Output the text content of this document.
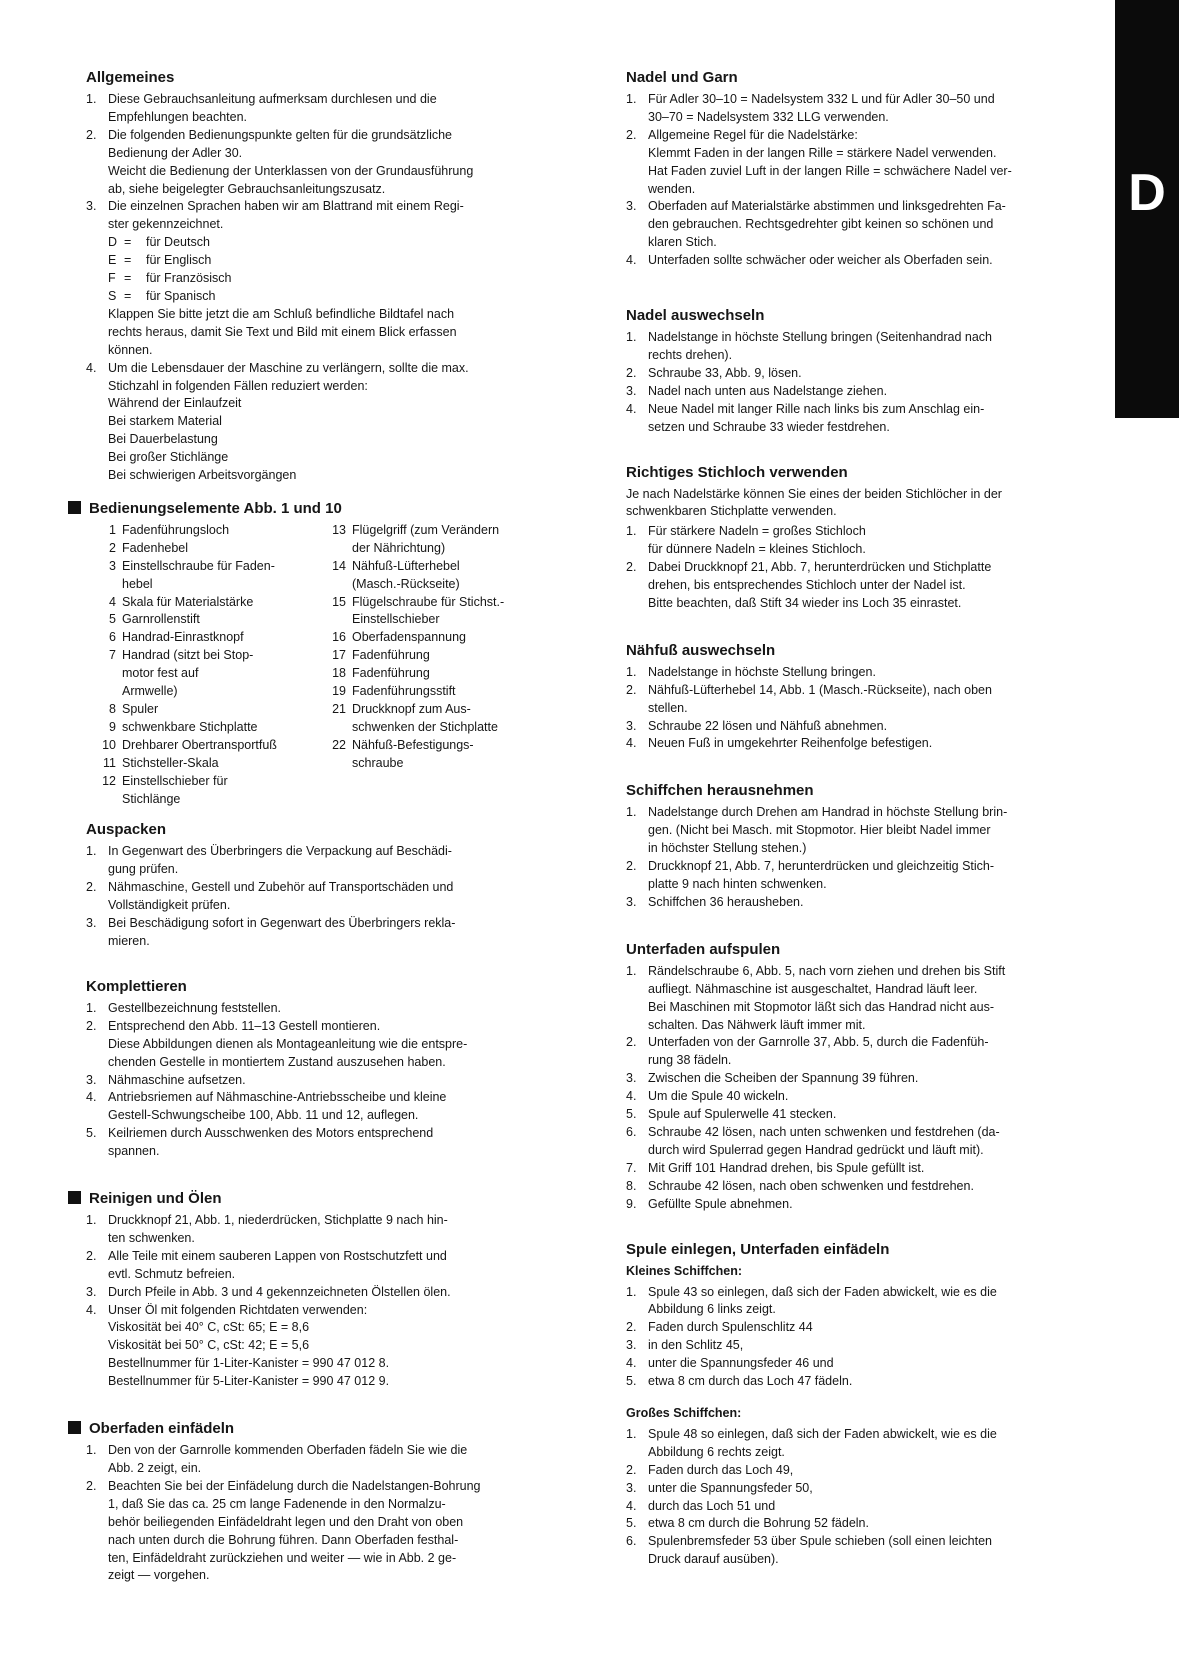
D
Allgemeines
1. Diese Gebrauchsanleitung aufmerksam durchlesen und die
Empfehlungen beachten.
2. Die folgenden Bedienungspunkte gelten für die grundsätzliche
Bedienung der Adler 30.
Weicht die Bedienung der Unterklassen von der Grundausführung
ab, siehe beigelegter Gebrauchsanleitungszusatz.
3. Die einzelnen Sprachen haben wir am Blattrand mit einem Regi-
ster gekennzeichnet.
D =	für Deutsch
E =	für Englisch
F =	für Französisch
S =	für Spanisch
Klappen Sie bitte jetzt die am Schluß befindliche Bildtafel nach
rechts heraus, damit Sie Text und Bild mit einem Blick erfassen
können.
4. Um die Lebensdauer der Maschine zu verlängern, sollte die max.
Stichzahl in folgenden Fällen reduziert werden:
Während der Einlaufzeit
Bei starkem Material
Bei Dauerbelastung
Bei großer Stichlänge
Bei schwierigen Arbeitsvorgängen
Bedienungselemente Abb. 1 und 10
1 Fadenführungsloch
2 Fadenhebel
3 Einstellschraube für Faden-
hebel
4 Skala für Materialstärke
5 Garnrollenstift
6 Handrad-Einrastknopf
7 Handrad (sitzt bei Stop-
motor fest auf
Armwelle)
8 Spuler
9 schwenkbare Stichplatte
10 Drehbarer Obertransportfuß
11 Stichsteller-Skala
12 Einstellschieber für
Stichlänge
13 Flügelgriff (zum Verändern
der Nährichtung)
14 Nähfuß-Lüfterhebel
(Masch.-Rückseite)
15 Flügelschraube für Stichst.-
Einstellschieber
16 Oberfadenspannung
17 Fadenführung
18 Fadenführung
19 Fadenführungsstift
21 Druckknopf zum Aus-
schwenken der Stichplatte
22 Nähfuß-Befestigungs-
schraube
Auspacken
1. In Gegenwart des Überbringers die Verpackung auf Beschädi-
gung prüfen.
2. Nähmaschine, Gestell und Zubehör auf Transportschäden und
Vollständigkeit prüfen.
3. Bei Beschädigung sofort in Gegenwart des Überbringers rekla-
mieren.
Komplettieren
1. Gestellbezeichnung feststellen.
2. Entsprechend den Abb. 11–13 Gestell montieren.
Diese Abbildungen dienen als Montageanleitung wie die entspre-
chenden Gestelle in montiertem Zustand auszusehen haben.
3. Nähmaschine aufsetzen.
4. Antriebsriemen auf Nähmaschine-Antriebsscheibe und kleine
Gestell-Schwungscheibe 100, Abb. 11 und 12, auflegen.
5. Keilriemen durch Ausschwenken des Motors entsprechend
spannen.
Reinigen und Ölen
1. Druckknopf 21, Abb. 1, niederdrücken, Stichplatte 9 nach hin-
ten schwenken.
2. Alle Teile mit einem sauberen Lappen von Rostschutzfett und
evtl. Schmutz befreien.
3. Durch Pfeile in Abb. 3 und 4 gekennzeichneten Ölstellen ölen.
4. Unser Öl mit folgenden Richtdaten verwenden:
Viskosität bei 40° C, cSt: 65; E = 8,6
Viskosität bei 50° C, cSt: 42; E = 5,6
Bestellnummer für 1-Liter-Kanister = 990 47 012 8.
Bestellnummer für 5-Liter-Kanister = 990 47 012 9.
Oberfaden einfädeln
1. Den von der Garnrolle kommenden Oberfaden fädeln Sie wie die
Abb. 2 zeigt, ein.
2. Beachten Sie bei der Einfädelung durch die Nadelstangen-Bohrung
1, daß Sie das ca. 25 cm lange Fadenende in den Normalzu-
behör beiliegenden Einfädeldraht legen und den Draht von oben
nach unten durch die Bohrung führen. Dann Oberfaden festhal-
ten, Einfädeldraht zurückziehen und weiter — wie in Abb. 2 ge-
zeigt — vorgehen.
Nadel und Garn
1. Für Adler 30–10 = Nadelsystem 332 L und für Adler 30–50 und
30–70 = Nadelsystem 332 LLG verwenden.
2. Allgemeine Regel für die Nadelstärke:
Klemmt Faden in der langen Rille = stärkere Nadel verwenden.
Hat Faden zuviel Luft in der langen Rille = schwächere Nadel ver-
wenden.
3. Oberfaden auf Materialstärke abstimmen und linksgedrehten Fa-
den gebrauchen. Rechtsgedrehter gibt keinen so schönen und
klaren Stich.
4. Unterfaden sollte schwächer oder weicher als Oberfaden sein.
Nadel auswechseln
1. Nadelstange in höchste Stellung bringen (Seitenhandrad nach
rechts drehen).
2. Schraube 33, Abb. 9, lösen.
3. Nadel nach unten aus Nadelstange ziehen.
4. Neue Nadel mit langer Rille nach links bis zum Anschlag ein-
setzen und Schraube 33 wieder festdrehen.
Richtiges Stichloch verwenden
Je nach Nadelstärke können Sie eines der beiden Stichlöcher in der
schwenkbaren Stichplatte verwenden.
1. Für stärkere Nadeln = großes Stichloch
für dünnere Nadeln = kleines Stichloch.
2. Dabei Druckknopf 21, Abb. 7, herunterdrücken und Stichplatte
drehen, bis entsprechendes Stichloch unter der Nadel ist.
Bitte beachten, daß Stift 34 wieder ins Loch 35 einrastet.
Nähfuß auswechseln
1. Nadelstange in höchste Stellung bringen.
2. Nähfuß-Lüfterhebel 14, Abb. 1 (Masch.-Rückseite), nach oben
stellen.
3. Schraube 22 lösen und Nähfuß abnehmen.
4. Neuen Fuß in umgekehrter Reihenfolge befestigen.
Schiffchen herausnehmen
1. Nadelstange durch Drehen am Handrad in höchste Stellung brin-
gen. (Nicht bei Masch. mit Stopmotor. Hier bleibt Nadel immer
in höchster Stellung stehen.)
2. Druckknopf 21, Abb. 7, herunterdrücken und gleichzeitig Stich-
platte 9 nach hinten schwenken.
3. Schiffchen 36 herausheben.
Unterfaden aufspulen
1. Rändelschraube 6, Abb. 5, nach vorn ziehen und drehen bis Stift
aufliegt. Nähmaschine ist ausgeschaltet, Handrad läuft leer.
Bei Maschinen mit Stopmotor läßt sich das Handrad nicht aus-
schalten. Das Nähwerk läuft immer mit.
2. Unterfaden von der Garnrolle 37, Abb. 5, durch die Fadenfüh-
rung 38 fädeln.
3. Zwischen die Scheiben der Spannung 39 führen.
4. Um die Spule 40 wickeln.
5. Spule auf Spulerwelle 41 stecken.
6. Schraube 42 lösen, nach unten schwenken und festdrehen (da-
durch wird Spulerrad gegen Handrad gedrückt und läuft mit).
7. Mit Griff 101 Handrad drehen, bis Spule gefüllt ist.
8. Schraube 42 lösen, nach oben schwenken und festdrehen.
9. Gefüllte Spule abnehmen.
Spule einlegen, Unterfaden einfädeln
Kleines Schiffchen:
1. Spule 43 so einlegen, daß sich der Faden abwickelt, wie es die
Abbildung 6 links zeigt.
2. Faden durch Spulenschlitz 44
3. in den Schlitz 45,
4. unter die Spannungsfeder 46 und
5. etwa 8 cm durch das Loch 47 fädeln.
Großes Schiffchen:
1. Spule 48 so einlegen, daß sich der Faden abwickelt, wie es die
Abbildung 6 rechts zeigt.
2. Faden durch das Loch 49,
3. unter die Spannungsfeder 50,
4. durch das Loch 51 und
5. etwa 8 cm durch die Bohrung 52 fädeln.
6. Spulenbremsfeder 53 über Spule schieben (soll einen leichten
Druck darauf ausüben).
